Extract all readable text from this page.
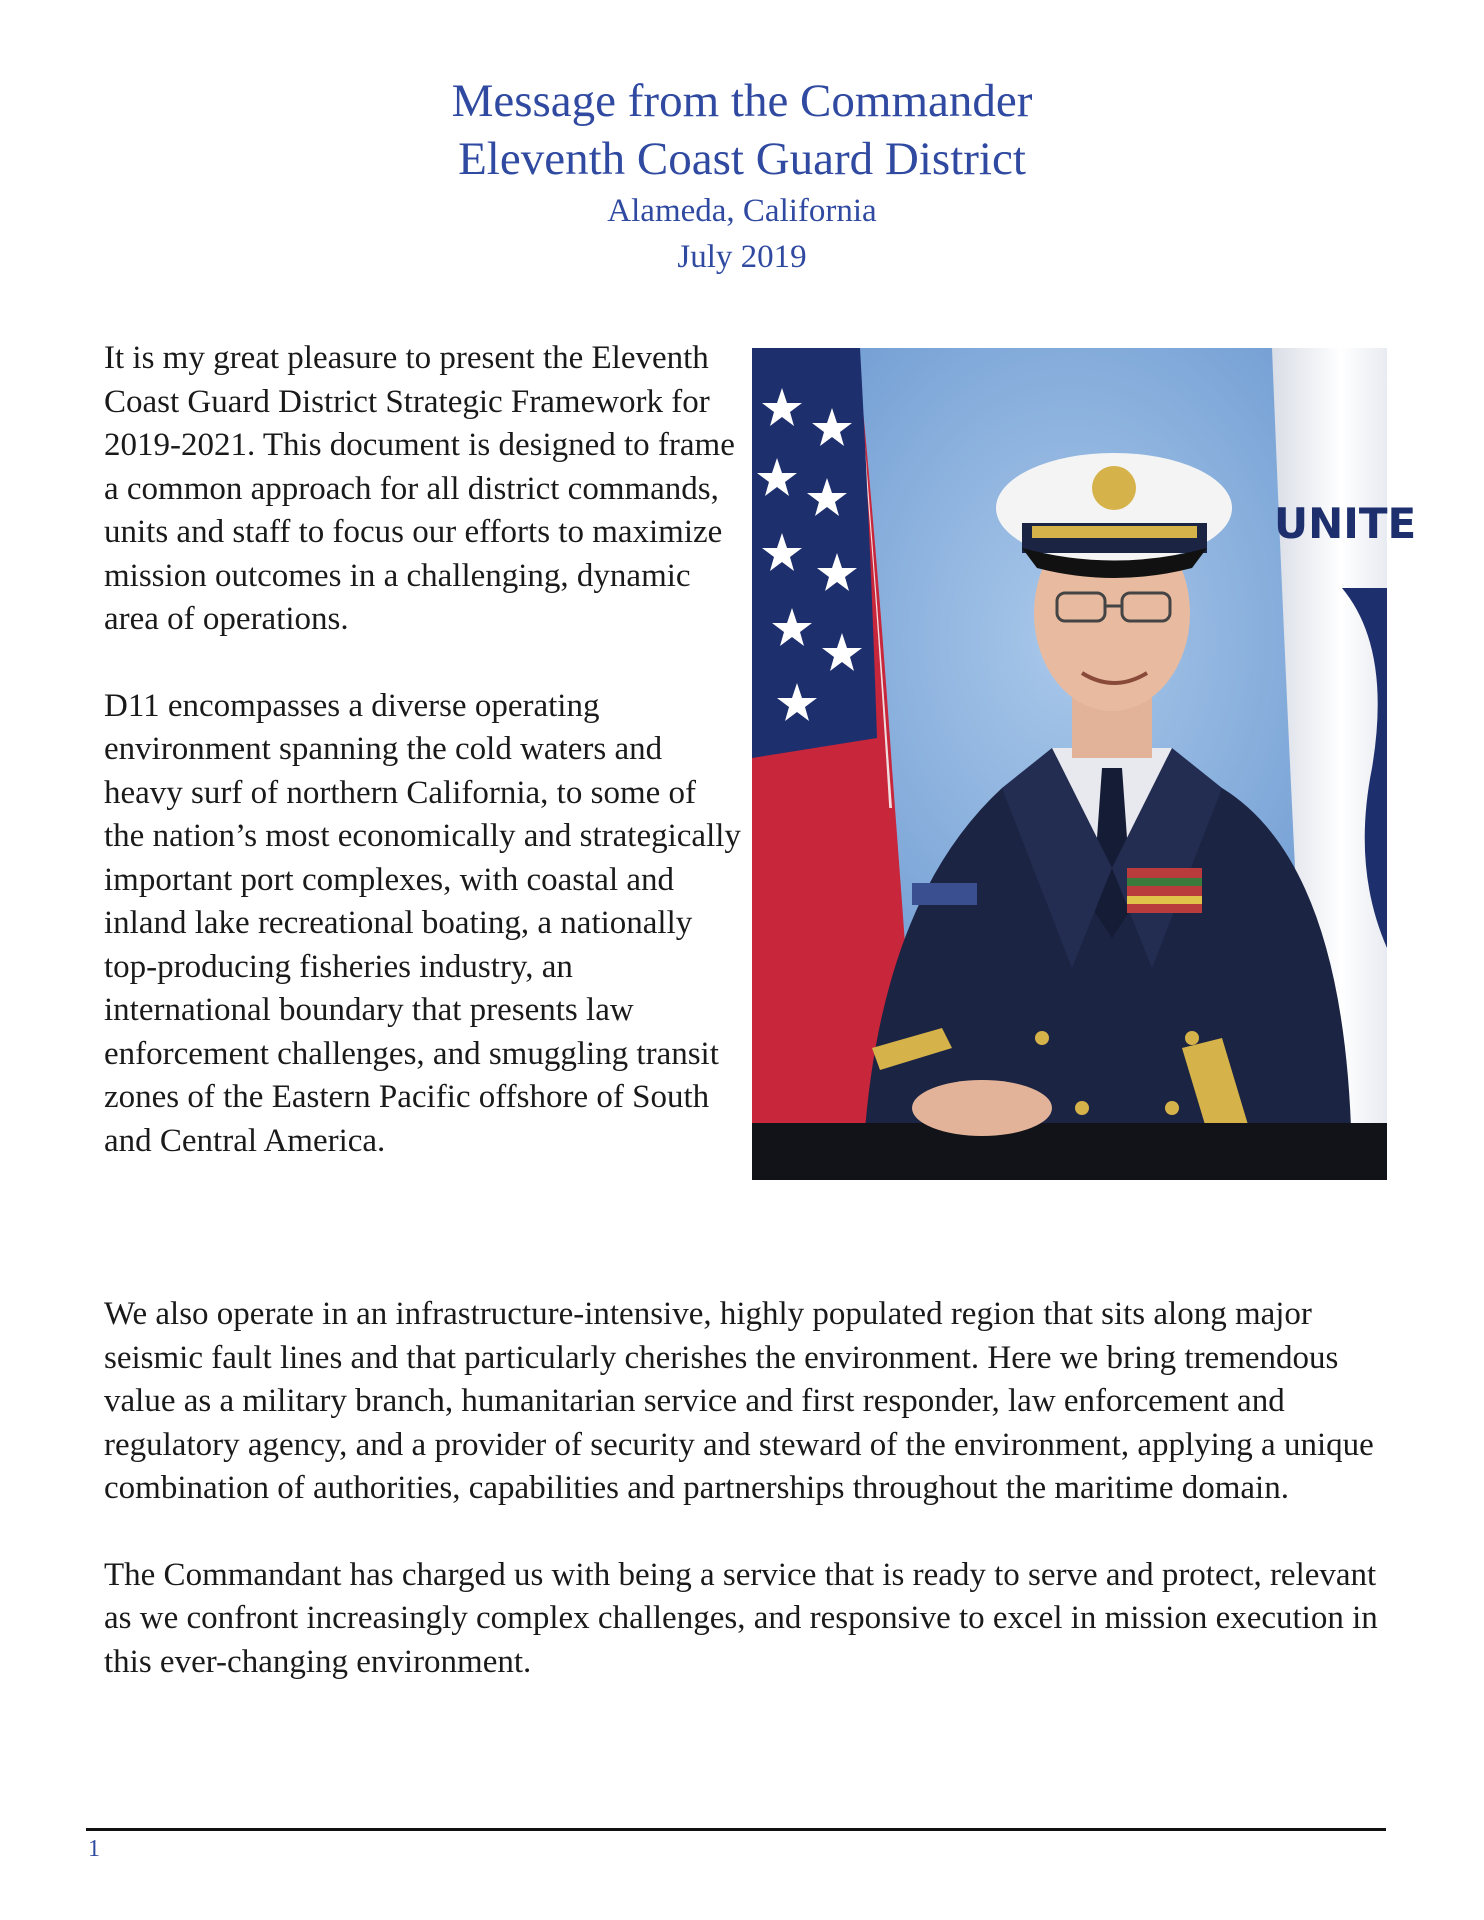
Message from the Commander
Eleventh Coast Guard District
Alameda, California
July 2019

It is my great pleasure to present the Eleventh Coast Guard District Strategic Framework for 2019-2021. This document is designed to frame a common approach for all district commands, units and staff to focus our efforts to maximize mission outcomes in a challenging, dynamic area of operations.

D11 encompasses a diverse operating environment spanning the cold waters and heavy surf of northern California, to some of the nation’s most economically and strategically important port complexes, with coastal and inland lake recreational boating, a nationally top-producing fisheries industry, an international boundary that presents law enforcement challenges, and smuggling transit zones of the Eastern Pacific offshore of South and Central America.

UNITE

We also operate in an infrastructure-intensive, highly populated region that sits along major seismic fault lines and that particularly cherishes the environment. Here we bring tremendous value as a military branch, humanitarian service and first responder, law enforcement and regulatory agency, and a provider of security and steward of the environment, applying a unique combination of authorities, capabilities and partnerships throughout the maritime domain.

The Commandant has charged us with being a service that is ready to serve and protect, relevant as we confront increasingly complex challenges, and responsive to excel in mission execution in this ever-changing environment.

1
